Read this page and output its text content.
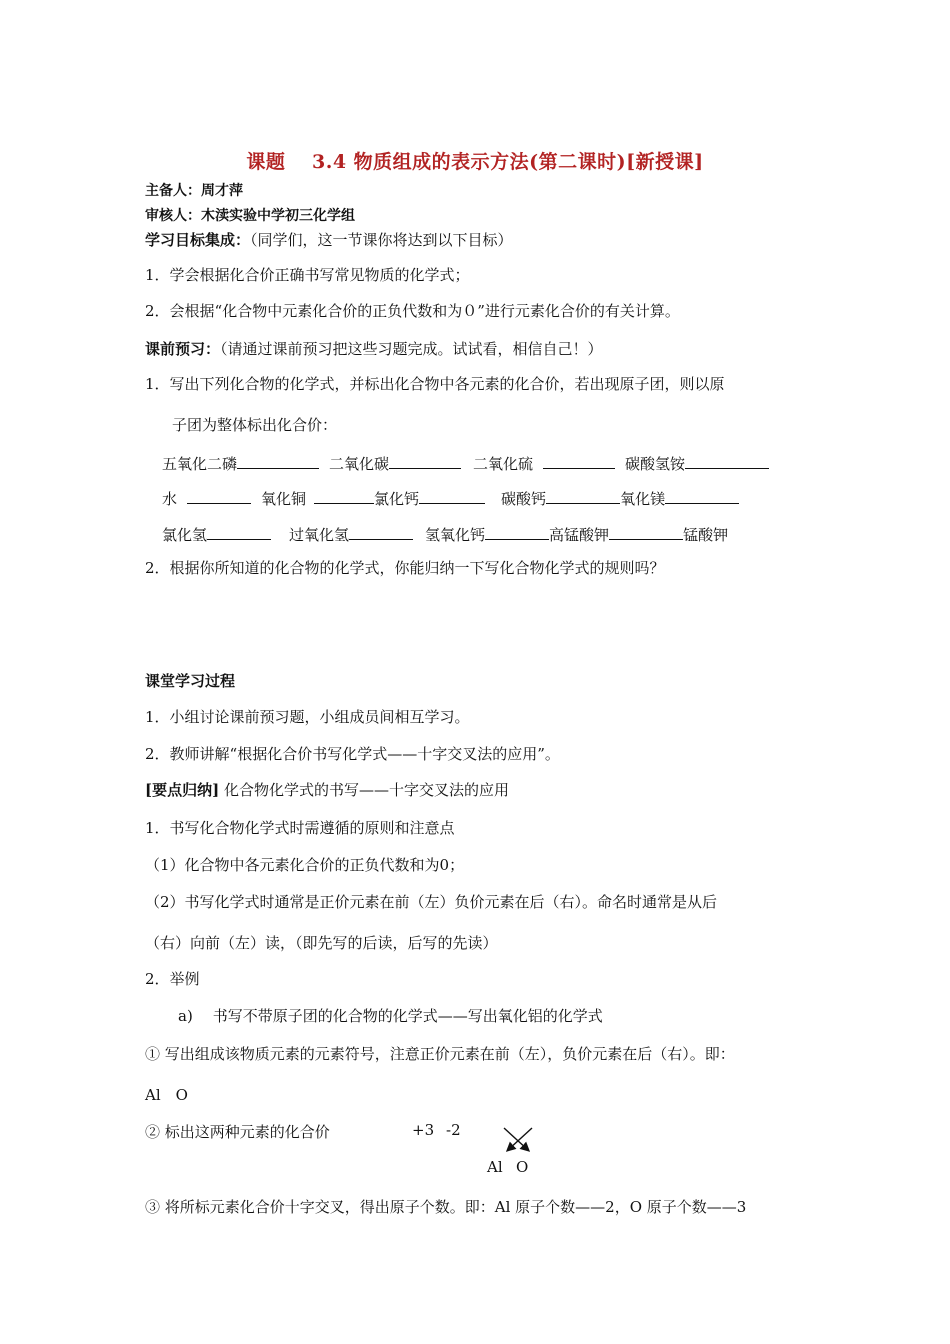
课题　 3.4 物质组成的表示方法(第二课时)[新授课]
主备人：周才萍
审核人：木渎实验中学初三化学组
学习目标集成：（同学们，这一节课你将达到以下目标）
1．学会根据化合价正确书写常见物质的化学式；
2．会根据“化合物中元素化合价的正负代数和为０”进行元素化合价的有关计算。
课前预习：（请通过课前预习把这些习题完成。试试看，相信自己！）
1．写出下列化合物的化学式，并标出化合物中各元素的化合价，若出现原子团，则以原
子团为整体标出化合价：
五氧化二磷	二氧化碳	二氧化硫	碳酸氢铵
水	氧化铜	氯化钙	碳酸钙	氧化镁
氯化氢	过氧化氢	氢氧化钙	高锰酸钾	锰酸钾
2．根据你所知道的化合物的化学式，你能归纳一下写化合物化学式的规则吗？
课堂学习过程
1．小组讨论课前预习题，小组成员间相互学习。
2．教师讲解“根据化合价书写化学式——十字交叉法的应用”。
[要点归纳] 化合物化学式的书写——十字交叉法的应用
1．书写化合物化学式时需遵循的原则和注意点
（1）化合物中各元素化合价的正负代数和为0；
（2）书写化学式时通常是正价元素在前（左）负价元素在后（右）。命名时通常是从后
（右）向前（左）读，（即先写的后读，后写的先读）
2．举例
a) 书写不带原子团的化合物的化学式——写出氧化铝的化学式
① 写出组成该物质元素的元素符号，注意正价元素在前（左），负价元素在后（右）。即：
Al　O
② 标出这两种元素的化合价	+3 -2
Al O
③ 将所标元素化合价十字交叉，得出原子个数。即：Al 原子个数——2，O 原子个数——3
